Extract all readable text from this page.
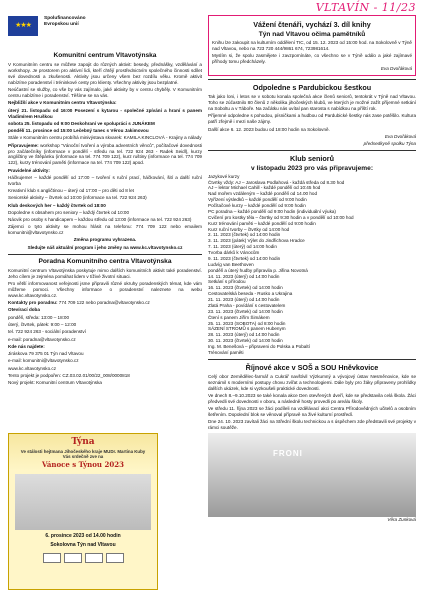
VLTAVÍN - 11/23
★★★
Spolufinancováno
Evropskou unií
Komunitní centrum Vltavotýnska

V Komunitním centru se můžete zapojit do různých aktivit: besedy, přednášky, vzdělávání a workshopy. Je prostorem pro aktivní lidi, kteří chtějí prostřednictvím společného činnosti sdílet své dovednosti a zkušenosti. Aktivity jsou určeny všem bez rozdílu věku. Kromě aktivit nabízíme poradenství i tréninkové cesty pro klienty. Všechny aktivity jsou bezplatné.

Neúčastní se služby, co vše by vás zajímalo, jaké aktivity by v centru chyběly. V Komunitním centru nabízíme i poradenství. Těšíme se na vás.

Nejbližší akce v Komunitním centru Vltavotýnska:

úterý 21. listopadu od 16:00 Posezení s kytarou - společné zpívání a hraní s panem Vladimírem Hruškou

sobota 25. listopadu od 9:00 Deskohraní ve spolupráci s JUNÁKEM

pondělí 11. prosince od 15:00 Lečebný tanec s Věrou Jakimovou

Stále v Komunitním centru probíhá minivýstava skvarek: KAMILA KINCLOVÁ - Krajiny a nálady

Připravujeme: workshop "Vánoční tvoření a výroba adventních věnců", počítačové dovednosti pro začátečníky (informace v pondělí - středu na tel. 722 924 263 - Radek Seidl), kurzy angličtiny ve Štěpánku (informace na tel. 774 709 122), kurz ruštiny (informace na tel. 774 709 122), kurzy trénování paměti (informace na tel. 774 709 122) apod.

Pravidelné aktivity:

Háčkujeme! – každé pondělí od 17:00 – tvoření s ruční prací, háčkování, šití a další ruční tvorba

Kreativní klub s angličtinou – úterý od 17:00 – pro děti od 8 let

Seniorské aktivity – čtvrtek od 10:00 (informace na tel. 722 924 263)

Klub deskových her – každý čtvrtek od 18:00

Dopoledne s obsahem pro seniory – každý čtvrtek od 10:00

Nácvik pro osoby s handicapem – každou středu od 13:00 (informace na tel. 722 924 263)

Zájemci o tyto aktivity se mohou hlásit na telefonu: 774 709 122 nebo emailem komunitni@vltavotynsko.cz

Změna programu vyhrazena.

Sledujte náš aktuální program i jeho změny na www.kc.vltavotynsko.cz

Poradna Komunitního centra Vltavotýnska

Komunitní centrum Vltavotýnska poskytuje mimo dalších komunitních aktivit také poradenství. Jeho cílem je zejména pomáhat lidem v tíživé životní situaci.

Pro větší informovanost veřejnosti jsme připravili různé okruhy poradenských témat, kde vám můžeme pomoci. Všechny informace o poradenství naleznete na webu www.kc.vltavotynsko.cz.

Kontakty pro poradnu: 774 709 122 nebo poradna@vltavotynsko.cz

Otevírací doba

pondělí, středa: 13:00 – 18:00

úterý, čtvrtek, pátek: 9:00 – 12:00

tel. 722 924 263 - sociální poradenství

e-mail: poradna@vltavotynsko.cz

Kde nás najdete:

Jiráskova 79 375 01 Týn nad Vltavou

e-mail: komunitni@vltavotynsko.cz

www.kc.vltavotynsko.cz

Tento projekt je podpořen: CZ.03.02.01/00/22_008/0000818

Nový projekt: Komunitní centrum Vltavotýnska

Týna
Ve stálosti hejtmana Jihočeského kraje MUDr. Martina Kuby
Vás srdečně zve na
Vánoce s Týnou 2023
6. prosince 2023 od 14.00 hodin
Sokolovna Týn nad Vltavou
Vážení čtenáři, vychází 3. díl knihy
Týn nad Vltavou očima pamětníků

Knihu lze zakoupit na kulturním oddělení TIC, od 15. 12. 2023 od 15:00 hod. na Sokolovně v Týně nad Vltavou, nebo na 723 720 444/9861 674, 723981614.

Myslím si, že spolu zasmějete i zavzpomínáte, co všechno se v Týně událo a jaké zajímavé příhody tomu předcházely.

Eva Dvořáková

Odpoledne s Pardubickou šestkou

Tak jako loni, i letos se v sobotu konala společná akce členů seniorů, tentokrát v Týně nad Vltavou. Toho se zúčastnilo 80 členů z několika jihočeských klubů, ve kterých je možné zažít příjemné setkání na Soboltu a v Táboře. Na začátku nás uvítal pan starosta s nabídkou na příští rok.

Příjemné odpoledne s pohodou, písničkami a hudbou od Pardubické šestky nás zase potěšilo. Kultura patří zřejmě i mezi naše zájmy.

Další akce 6. 12. 2023 budou od 18:00 hodin na Sokolovně.

Eva Dvořáková

předsedkyně spolku Týna

Klub seniorů
v listopadu 2023 pro vás připravujeme:

Jazykové kurzy

Čtvrtky vždy: AJ – Jaroslava Podlahová - každá středa od 8.30 hod

AJ – lektor Michael Cahill - každé pondělí od 10:45 hod

Nad mořem vzdáleným – každé pondělí od 14.00 hod

Vyřízení výsledků – každé pondělí od 9:00 hodin

Počítačové kurzy – každé pondělí od 9:00 hodin

PC poradna – každé pondělí od 9:00 hodin (individuální výuka)

Cvičení pro kostky těla – čtvrtky od 9:30 hodin a v pondělí od 10:00 hod

Kurz trénování paměti – každé pondělí od 9:00 hodin

Kurz ruční tvorby – čtvrtky od 14:00 hod

2. 11. 2023 (čtvrtek) od 14:00 hodin

3. 11. 2023 (pátek) Výlet do Jindřichova Hradce

7. 11. 2023 (úterý) od 14:00 hodin

Tvorba dárků k Vánocům

9. 11. 2023 (čtvrtek) od 14:00 hodin

Ludvíg van Beethoven

pondělí a úterý hudby připravila p. Jiřina Novotná

14. 11. 2023 (úterý) od 14:00 hodin

Setkání s přírodou

16. 11. 2023 (čtvrtek) od 14:00 hodin

Cestovatelská beseda - Rusko a Ukrajina

21. 11. 2023 (úterý) od 14:00 hodin

Zlatá Praha - povídání s cestovatelem

23. 11. 2023 (čtvrtek) od 14:00 hodin

Čtení s panem Jiřím Šimákem

25. 11. 2023 (SOBOTA) od 8:00 hodin

SÁZENÍ STROMŮ s panem Hubenym

28. 11. 2023 (úterý) od 14:00 hodin

30. 11. 2023 (čtvrtek) od 14:00 hodin

Ing. M. Benešová – připraveni do Polska a Pobaltí

Trénování paměti

Říjnové akce v SOŠ a SOU Hněvkovice

Celý obor Zemědělec-farmář a Cukrář navštívil Výzkumný a vývojový ústav Nesměnovice, kde se seznámil s moderními postupy chovu zvířat a technologiemi. Dále byly pro žáky připraveny prohlídky dalších ukázek, kde si vyzkoušeli praktické dovednosti.

Ve dnech 8.–9.10.2023 se také konala akce Den otevřených dveří, kde se představila celá škola. Žáci předvedli své dovednosti v oboru, a následně hosty provedli po areálu školy.

Ve středu 11. října 2023 se žáci podíleli na vzdělávací akci Centra Přírodovědných učitelů a osobním šetřením. Dopolední blok se věnoval přípravě na živé kulturní prostředí.

Dne 24. 10. 2023 zavítali žáci na Střední školu technickou a s úspěchem zde představili své projekty v rámci soutěže.

FRONI

Věra Zunková
